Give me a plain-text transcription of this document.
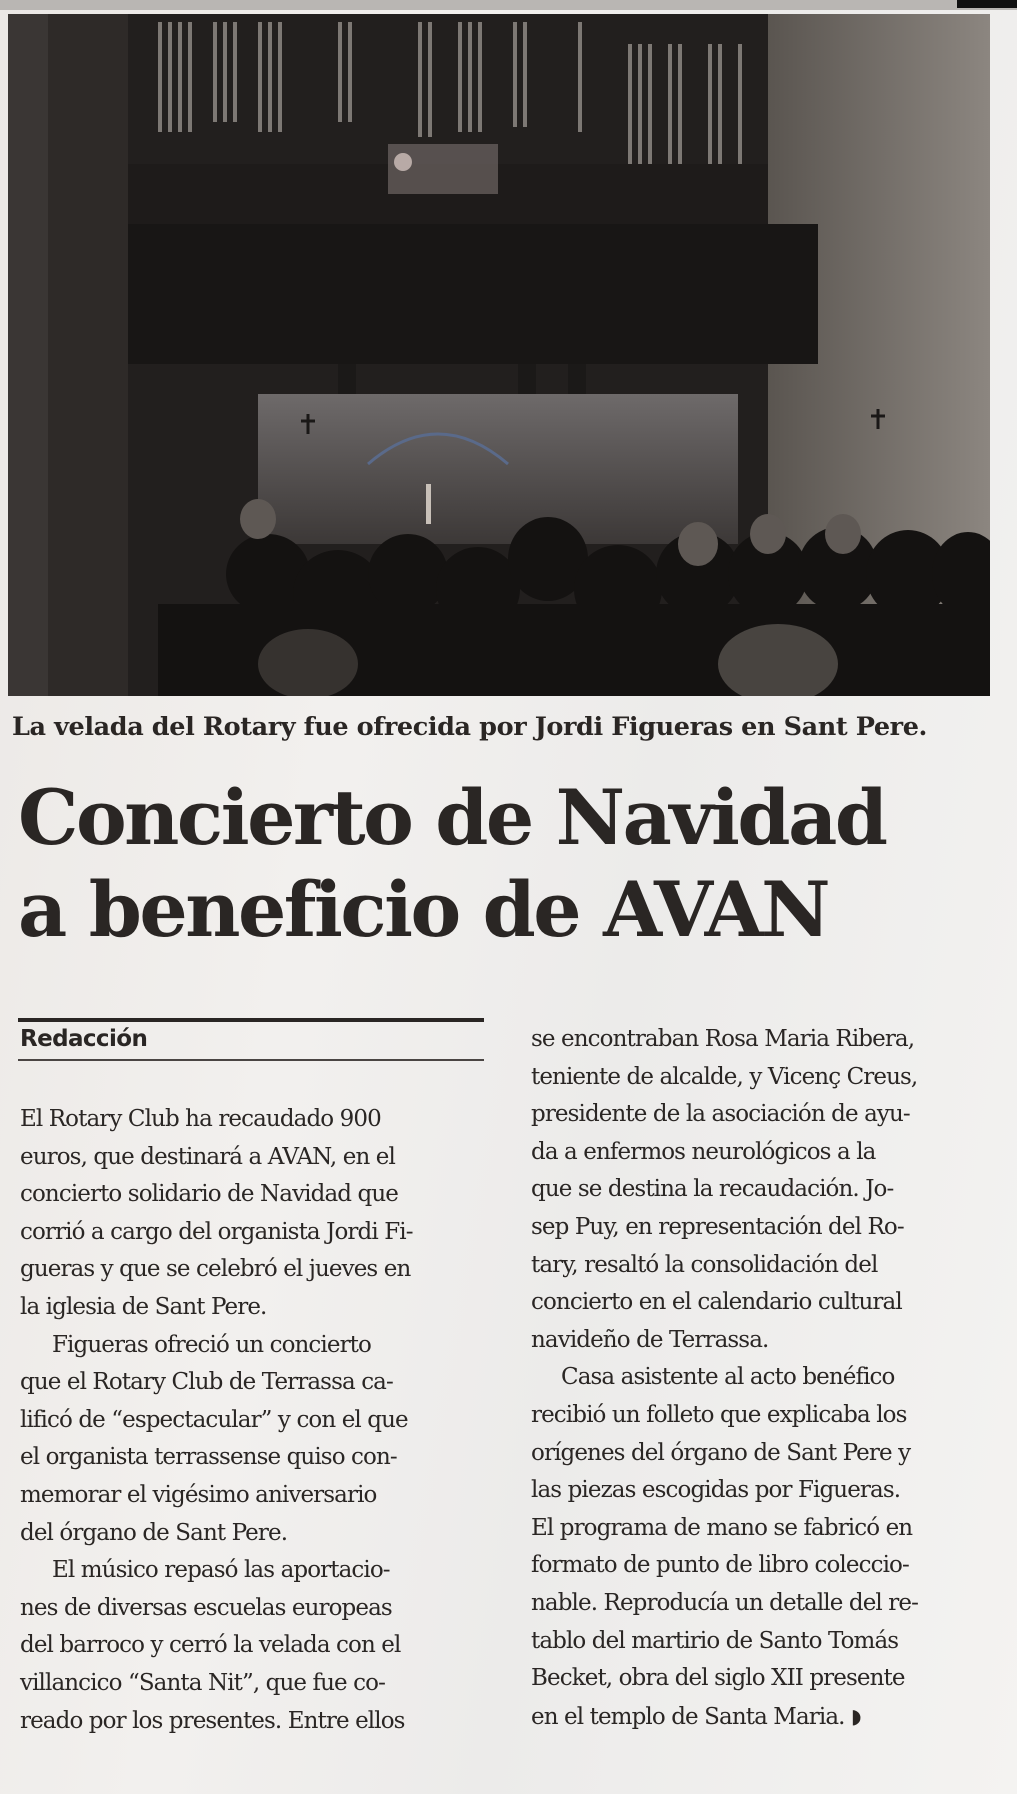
La velada del Rotary fue ofrecida por Jordi Figueras en Sant Pere.
Concierto de Navidad
a beneficio de AVAN
Redacción
El Rotary Club ha recaudado 900
euros, que destinará a AVAN, en el
concierto solidario de Navidad que
corrió a cargo del organista Jordi Fi-
gueras y que se celebró el jueves en
la iglesia de Sant Pere.
Figueras ofreció un concierto
que el Rotary Club de Terrassa ca-
lificó de “espectacular” y con el que
el organista terrassense quiso con-
memorar el vigésimo aniversario
del órgano de Sant Pere.
El músico repasó las aportacio-
nes de diversas escuelas europeas
del barroco y cerró la velada con el
villancico “Santa Nit”, que fue co-
reado por los presentes. Entre ellos
se encontraban Rosa Maria Ribera,
teniente de alcalde, y Vicenç Creus,
presidente de la asociación de ayu-
da a enfermos neurológicos a la
que se destina la recaudación. Jo-
sep Puy, en representación del Ro-
tary, resaltó la consolidación del
concierto en el calendario cultural
navideño de Terrassa.
Casa asistente al acto benéfico
recibió un folleto que explicaba los
orígenes del órgano de Sant Pere y
las piezas escogidas por Figueras.
El programa de mano se fabricó en
formato de punto de libro coleccio-
nable. Reproducía un detalle del re-
tablo del martirio de Santo Tomás
Becket, obra del siglo XII presente
en el templo de Santa Maria. ◗
